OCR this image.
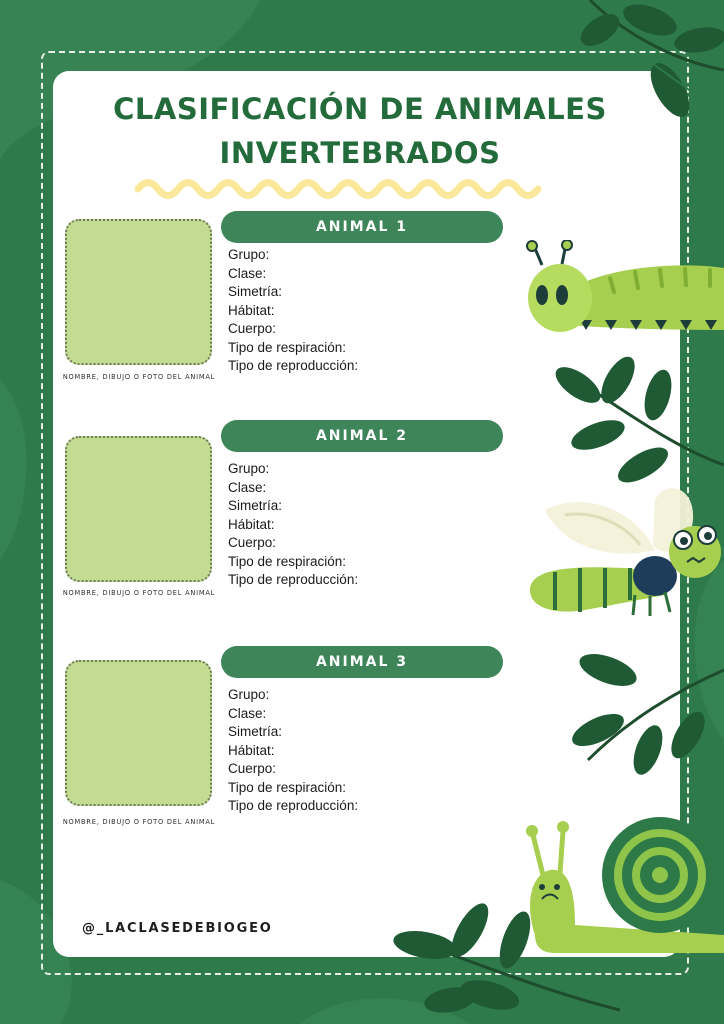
CLASIFICACIÓN DE ANIMALES
INVERTEBRADOS
NOMBRE, DIBUJO O FOTO DEL ANIMAL
ANIMAL 1
Grupo:
Clase:
Simetría:
Hábitat:
Cuerpo:
Tipo de respiración:
Tipo de reproducción:
NOMBRE, DIBUJO O FOTO DEL ANIMAL
ANIMAL 2
Grupo:
Clase:
Simetría:
Hábitat:
Cuerpo:
Tipo de respiración:
Tipo de reproducción:
NOMBRE, DIBUJO O FOTO DEL ANIMAL
ANIMAL 3
Grupo:
Clase:
Simetría:
Hábitat:
Cuerpo:
Tipo de respiración:
Tipo de reproducción:
@_LACLASEDEBIOGEO
